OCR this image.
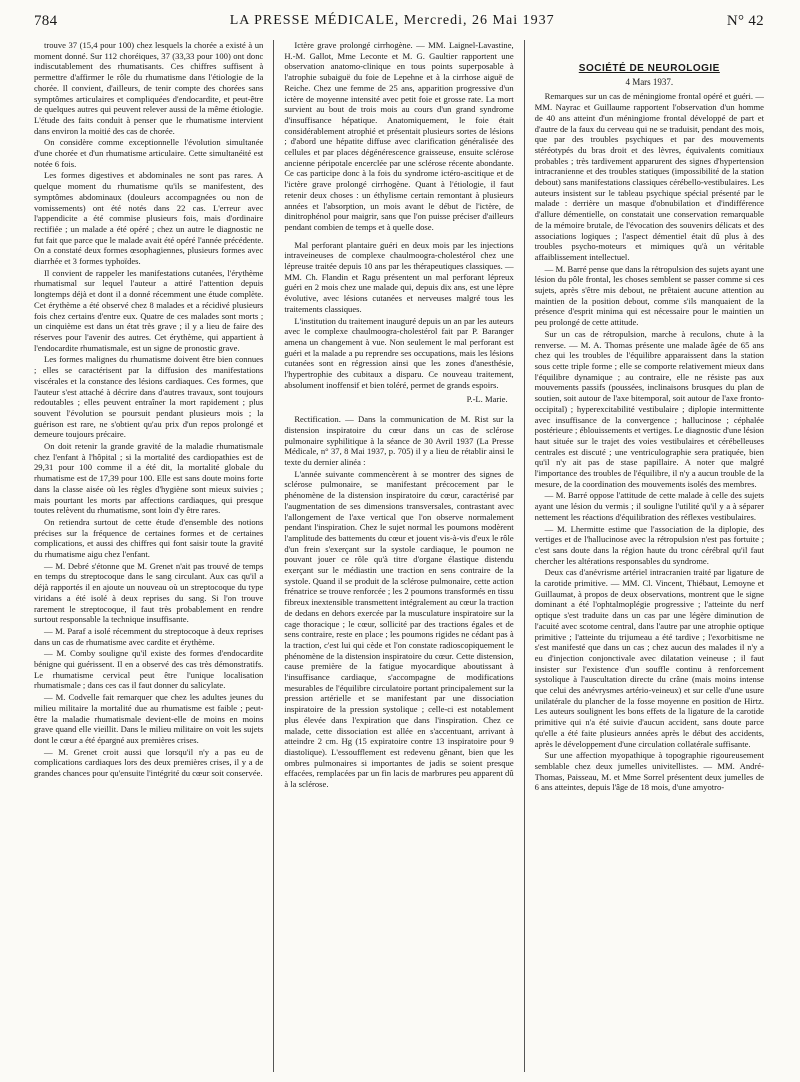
784	LA PRESSE MÉDICALE, Mercredi, 26 Mai 1937	N° 42

trouve 37 (15,4 pour 100) chez lesquels la chorée a existé à un moment donné. Sur 112 choréiques, 37 (33,33 pour 100) ont donc indiscutablement des rhumatisants. Ces chiffres suffisent à permettre d'affirmer le rôle du rhumatisme dans l'étiologie de la chorée. Il convient, d'ailleurs, de tenir compte des chorées sans symptômes articulaires et compliquées d'endocardite, et peut-être de quelques autres qui peuvent relever aussi de la même étiologie. L'étude des faits conduit à penser que le rhumatisme intervient dans environ la moitié des cas de chorée.

On considère comme exceptionnelle l'évolution simultanée d'une chorée et d'un rhumatisme articulaire. Cette simultanéité est notée 6 fois.

Les formes digestives et abdominales ne sont pas rares. A quelque moment du rhumatisme qu'ils se manifestent, des symptômes abdominaux (douleurs accompagnées ou non de vomissements) ont été notés dans 22 cas. L'erreur avec l'appendicite a été commise plusieurs fois, mais d'ordinaire rectifiée ; un malade a été opéré ; chez un autre le diagnostic ne fut fait que parce que le malade avait été opéré l'année précédente. On a constaté deux formes œsophagiennes, plusieurs formes avec diarrhée et 3 formes typhoïdes.

Il convient de rappeler les manifestations cutanées, l'érythème rhumatismal sur lequel l'auteur a attiré l'attention depuis longtemps déjà et dont il a donné récemment une étude complète. Cet érythème a été observé chez 8 malades et a récidivé plusieurs fois chez certains d'entre eux. Quatre de ces malades sont morts ; un cinquième est dans un état très grave ; il y a lieu de faire des réserves pour l'avenir des autres. Cet érythème, qui appartient à l'endocardite rhumatismale, est un signe de pronostic grave.

Les formes malignes du rhumatisme doivent être bien connues ; elles se caractérisent par la diffusion des manifestations viscérales et la constance des lésions cardiaques. Ces formes, que l'auteur s'est attaché à décrire dans d'autres travaux, sont toujours redoutables ; elles peuvent entraîner la mort rapidement ; plus souvent l'évolution se poursuit pendant plusieurs mois ; la guérison est rare, ne s'obtient qu'au prix d'un repos prolongé et demeure toujours précaire.

On doit retenir la grande gravité de la maladie rhumatismale chez l'enfant à l'hôpital ; si la mortalité des cardiopathies est de 29,31 pour 100 comme il a été dit, la mortalité globale du rhumatisme est de 17,39 pour 100. Elle est sans doute moins forte dans la classe aisée où les règles d'hygiène sont mieux suivies ; mais pourtant les morts par affections cardiaques, qui presque toutes relèvent du rhumatisme, sont loin d'y être rares.

On retiendra surtout de cette étude d'ensemble des notions précises sur la fréquence de certaines formes et de certaines complications, et aussi des chiffres qui font saisir toute la gravité du rhumatisme aigu chez l'enfant.

— M. Debré s'étonne que M. Grenet n'ait pas trouvé de temps en temps du streptocoque dans le sang circulant. Aux cas qu'il a déjà rapportés il en ajoute un nouveau où un streptocoque du type viridans a été isolé à deux reprises du sang. Si l'on trouve rarement le streptocoque, il faut très probablement en rendre surtout responsable la technique insuffisante.

— M. Paraf a isolé récemment du streptocoque à deux reprises dans un cas de rhumatisme avec cardite et érythème.

— M. Comby souligne qu'il existe des formes d'endocardite bénigne qui guérissent. Il en a observé des cas très démonstratifs. Le rhumatisme cervical peut être l'unique localisation rhumatismale ; dans ces cas il faut donner du salicylate.

— M. Codvelle fait remarquer que chez les adultes jeunes du milieu militaire la mortalité due au rhumatisme est faible ; peut-être la maladie rhumatismale devient-elle de moins en moins grave quand elle vieillit. Dans le milieu militaire on voit les sujets dont le cœur a été épargné aux premières crises.

— M. Grenet croit aussi que lorsqu'il n'y a pas eu de complications cardiaques lors des deux premières crises, il y a de grandes chances pour qu'ensuite l'intégrité du cœur soit conservée.

Ictère grave prolongé cirrhogène. — MM. Laignel-Lavastine, H.-M. Gallot, Mme Leconte et M. G. Gaultier rapportent une observation anatomo-clinique en tous points superposable à l'atrophie subaiguë du foie de Lepehne et à la cirrhose aiguë de Reiche. Chez une femme de 25 ans, apparition progressive d'un ictère de moyenne intensité avec petit foie et grosse rate. La mort survient au bout de trois mois au cours d'un grand syndrome d'insuffisance hépatique. Anatomiquement, le foie était considérablement atrophié et présentait plusieurs sortes de lésions ; d'abord une hépatite diffuse avec clarification généralisée des cellules et par places dégénérescence graisseuse, ensuite sclérose ancienne péripotale encerclée par une sclérose récente abondante. Ce cas participe donc à la fois du syndrome ictéro-ascitique et de l'ictère grave prolongé cirrhogène. Quant à l'étiologie, il faut retenir deux choses : un éthylisme certain remontant à plusieurs années et l'absorption, un mois avant le début de l'ictère, de dinitrophénol pour maigrir, sans que l'on puisse préciser d'ailleurs pendant combien de temps et à quelle dose.

Mal perforant plantaire guéri en deux mois par les injections intraveineuses de complexe chaulmoogra-cholestérol chez une lépreuse traitée depuis 10 ans par les thérapeutiques classiques. — MM. Ch. Flandin et Ragu présentent un mal perforant lépreux guéri en 2 mois chez une malade qui, depuis dix ans, est une lèpre évolutive, avec lésions cutanées et nerveuses malgré tous les traitements classiques.

L'institution du traitement inauguré depuis un an par les auteurs avec le complexe chaulmoogra-cholestérol fait par P. Baranger amena un changement à vue. Non seulement le mal perforant est guéri et la malade a pu reprendre ses occupations, mais les lésions cutanées sont en régression ainsi que les zones d'anesthésie, l'hypertrophie des cubitaux a disparu. Ce nouveau traitement, absolument inoffensif et bien toléré, permet de grands espoirs.

P.-L. Marie.

Rectification. — Dans la communication de M. Rist sur la distension inspiratoire du cœur dans un cas de sclérose pulmonaire syphilitique à la séance de 30 Avril 1937 (La Presse Médicale, n° 37, 8 Mai 1937, p. 705) il y a lieu de rétablir ainsi le texte du dernier alinéa :

L'année suivante commencèrent à se montrer des signes de sclérose pulmonaire, se manifestant précocement par le phénomène de la distension inspiratoire du cœur, caractérisé par l'augmentation de ses dimensions transversales, contrastant avec l'allongement de l'axe vertical que l'on observe normalement pendant l'inspiration. Chez le sujet normal les poumons modèrent l'amplitude des battements du cœur et jouent vis-à-vis d'eux le rôle d'un frein s'exerçant sur la systole cardiaque, le poumon ne pouvant jouer ce rôle qu'à titre d'organe élastique distendu exerçant sur le médiastin une traction en sens contraire de la systole. Quand il se produit de la sclérose pulmonaire, cette action frénatrice se trouve renforcée ; les 2 poumons transformés en tissu fibreux inextensible transmettent intégralement au cœur la traction de dedans en dehors exercée par la musculature inspiratoire sur la cage thoracique ; le cœur, sollicité par des tractions égales et de sens contraire, reste en place ; les poumons rigides ne cédant pas à la traction, c'est lui qui cède et l'on constate radioscopiquement le phénomène de la distension inspiratoire du cœur. Cette distension, cause première de la fatigue myocardique aboutissant à l'insuffisance cardiaque, s'accompagne de modifications mesurables de l'équilibre circulatoire portant principalement sur la pression artérielle et se manifestant par une dissociation inspiratoire de la pression systolique ; celle-ci est notablement plus élevée dans l'expiration que dans l'inspiration. Chez ce malade, cette dissociation est allée en s'accentuant, arrivant à atteindre 2 cm. Hg (15 expiratoire contre 13 inspiratoire pour 9 diastolique). L'essoufflement est redevenu gênant, bien que les ombres pulmonaires si importantes de jadis se soient presque effacées, remplacées par un fin lacis de marbrures peu apparent dû à la sclérose.

SOCIÉTÉ DE NEUROLOGIE
4 Mars 1937.

Remarques sur un cas de méningiome frontal opéré et guéri. — MM. Nayrac et Guillaume rapportent l'observation d'un homme de 40 ans atteint d'un méningiome frontal développé de part et d'autre de la faux du cerveau qui ne se traduisit, pendant des mois, que par des troubles psychiques et par des mouvements stéréotypés du bras droit et des lèvres, équivalents comitiaux probables ; très tardivement apparurent des signes d'hypertension intracranienne et des troubles statiques (impossibilité de la station debout) sans manifestations classiques cérébello-vestibulaires. Les auteurs insistent sur le tableau psychique spécial présenté par le malade : derrière un masque d'obnubilation et d'indifférence d'allure démentielle, on constatait une conservation remarquable de la mémoire brutale, de l'évocation des souvenirs délicats et des associations logiques ; l'aspect démentiel était dû plus à des troubles psycho-moteurs et mimiques qu'à un véritable affaiblissement intellectuel.

— M. Barré pense que dans la rétropulsion des sujets ayant une lésion du pôle frontal, les choses semblent se passer comme si ces sujets, après s'être mis debout, ne prêtaient aucune attention au maintien de la position debout, comme s'ils manquaient de la présence d'esprit minima qui est nécessaire pour le maintien un peu prolongé de cette attitude.

Sur un cas de rétropulsion, marche à reculons, chute à la renverse. — M. A. Thomas présente une malade âgée de 65 ans chez qui les troubles de l'équilibre apparaissent dans la station sous cette triple forme ; elle se comporte relativement mieux dans l'équilibre dynamique ; au contraire, elle ne résiste pas aux mouvements passifs (poussées, inclinaisons brusques du plan de soutien, soit autour de l'axe bitemporal, soit autour de l'axe fronto-occipital) ; hyperexcitabilité vestibulaire ; diplopie intermittente avec insuffisance de la convergence ; hallucinose ; céphalée postérieure ; éblouissements et vertiges. Le diagnostic d'une lésion haut située sur le trajet des voies vestibulaires et cérébelleuses centrales est discuté ; une ventriculographie sera pratiquée, bien qu'il n'y ait pas de stase papillaire. A noter que malgré l'importance des troubles de l'équilibre, il n'y a aucun trouble de la mesure, de la coordination des mouvements isolés des membres.

— M. Barré oppose l'attitude de cette malade à celle des sujets ayant une lésion du vermis ; il souligne l'utilité qu'il y a à séparer nettement les réactions d'équilibration des réflexes vestibulaires.

— M. Lhermitte estime que l'association de la diplopie, des vertiges et de l'hallucinose avec la rétropulsion n'est pas fortuite ; c'est sans doute dans la région haute du tronc cérébral qu'il faut chercher les altérations responsables du syndrome.

Deux cas d'anévrisme artériel intracranien traité par ligature de la carotide primitive. — MM. Cl. Vincent, Thiébaut, Lemoyne et Guillaumat, à propos de deux observations, montrent que le signe dominant a été l'ophtalmoplégie progressive ; l'atteinte du nerf optique s'est traduite dans un cas par une légère diminution de l'acuité avec scotome central, dans l'autre par une atrophie optique primitive ; l'atteinte du trijumeau a été tardive ; l'exorbitisme ne s'est manifesté que dans un cas ; chez aucun des malades il n'y a eu d'injection conjonctivale avec dilatation veineuse ; il faut insister sur l'existence d'un souffle continu à renforcement systolique à l'auscultation directe du crâne (mais moins intense que celui des anévrysmes artério-veineux) et sur celle d'une usure unilatérale du plancher de la fosse moyenne en position de Hirtz. Les auteurs soulignent les bons effets de la ligature de la carotide primitive qui n'a été suivie d'aucun accident, sans doute parce qu'elle a été faite plusieurs années après le début des accidents, après le développement d'une circulation collatérale suffisante.

Sur une affection myopathique à topographie rigoureusement semblable chez deux jumelles univitellistes. — MM. André-Thomas, Paisseau, M. et Mme Sorrel présentent deux jumelles de 6 ans atteintes, depuis l'âge de 18 mois, d'une amyotro-
